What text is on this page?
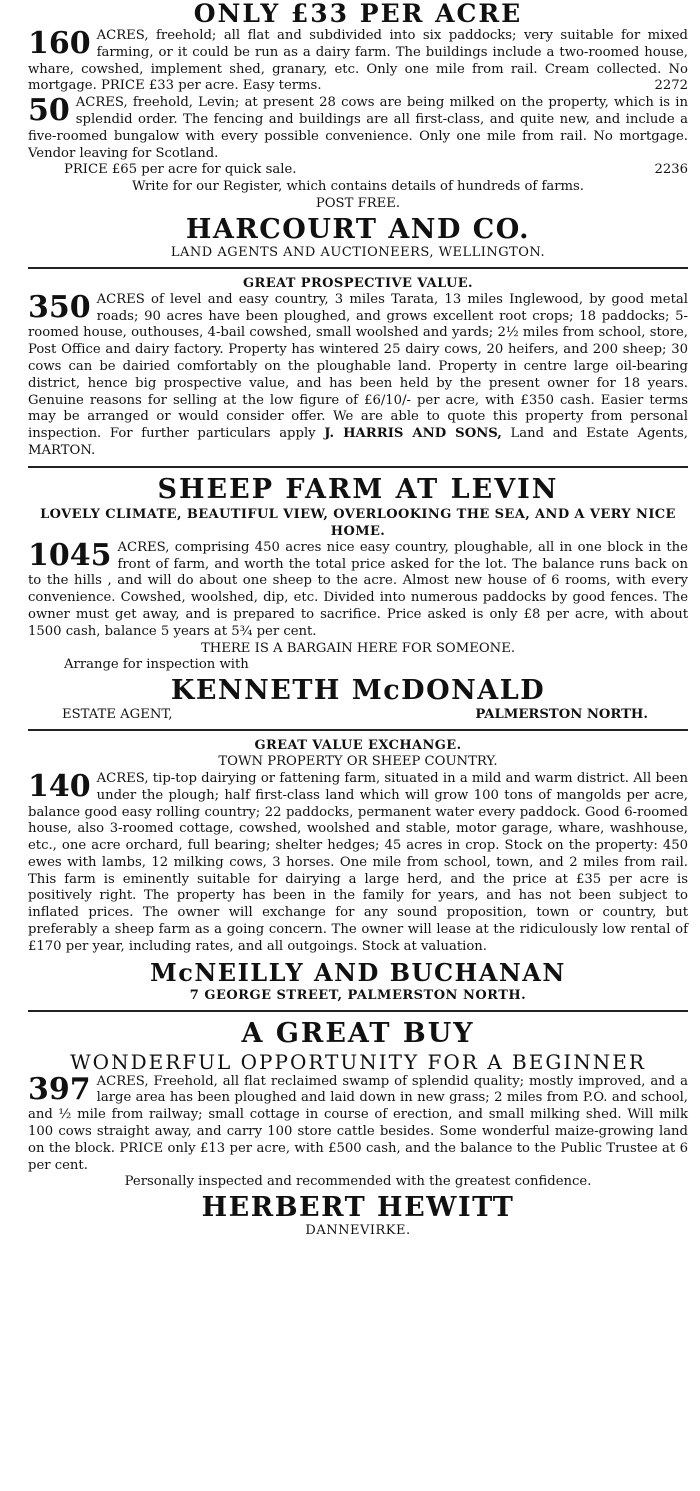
ONLY £33 PER ACRE

160 ACRES, freehold; all flat and subdivided into six paddocks; very suitable for mixed farming, or it could be run as a dairy farm. The buildings include a two-roomed house, whare, cowshed, implement shed, granary, etc. Only one mile from rail. Cream collected. No mortgage. PRICE £33 per acre. Easy terms.	2272

50 ACRES, freehold, Levin; at present 28 cows are being milked on the property, which is in splendid order. The fencing and buildings are all first-class, and quite new, and include a five-roomed bungalow with every possible convenience. Only one mile from rail. No mortgage. Vendor leaving for Scotland.

PRICE £65 per acre for quick sale.	2236
Write for our Register, which contains details of hundreds of farms.
POST FREE.
HARCOURT AND CO.
LAND AGENTS AND AUCTIONEERS, WELLINGTON.
GREAT PROSPECTIVE VALUE.

350 ACRES of level and easy country, 3 miles Tarata, 13 miles Inglewood, by good metal roads; 90 acres have been ploughed, and grows excellent root crops; 18 paddocks; 5-roomed house, outhouses, 4-bail cowshed, small woolshed and yards; 2½ miles from school, store, Post Office and dairy factory. Property has wintered 25 dairy cows, 20 heifers, and 200 sheep; 30 cows can be dairied comfortably on the ploughable land. Property in centre large oil-bearing district, hence big prospective value, and has been held by the present owner for 18 years. Genuine reasons for selling at the low figure of £6/10/- per acre, with £350 cash. Easier terms may be arranged or would consider offer. We are able to quote this property from personal inspection. For further particulars apply J. HARRIS AND SONS, Land and Estate Agents, MARTON.

SHEEP FARM AT LEVIN
LOVELY CLIMATE, BEAUTIFUL VIEW, OVERLOOKING THE SEA, AND A VERY NICE HOME.

1045 ACRES, comprising 450 acres nice easy country, ploughable, all in one block in the front of farm, and worth the total price asked for the lot. The balance runs back on to the hills , and will do about one sheep to the acre. Almost new house of 6 rooms, with every convenience. Cowshed, woolshed, dip, etc. Divided into numerous paddocks by good fences. The owner must get away, and is prepared to sacrifice. Price asked is only £8 per acre, with about 1500 cash, balance 5 years at 5¾ per cent.

THERE IS A BARGAIN HERE FOR SOMEONE.
Arrange for inspection with
KENNETH McDONALD
ESTATE AGENT,	PALMERSTON NORTH.
GREAT VALUE EXCHANGE.
TOWN PROPERTY OR SHEEP COUNTRY.

140 ACRES, tip-top dairying or fattening farm, situated in a mild and warm district. All been under the plough; half first-class land which will grow 100 tons of mangolds per acre, balance good easy rolling country; 22 paddocks, permanent water every paddock. Good 6-roomed house, also 3-roomed cottage, cowshed, woolshed and stable, motor garage, whare, washhouse, etc., one acre orchard, full bearing; shelter hedges; 45 acres in crop. Stock on the property: 450 ewes with lambs, 12 milking cows, 3 horses. One mile from school, town, and 2 miles from rail. This farm is eminently suitable for dairying a large herd, and the price at £35 per acre is positively right. The property has been in the family for years, and has not been subject to inflated prices. The owner will exchange for any sound proposition, town or country, but preferably a sheep farm as a going concern. The owner will lease at the ridiculously low rental of £170 per year, including rates, and all outgoings. Stock at valuation.

McNEILLY AND BUCHANAN
7 GEORGE STREET, PALMERSTON NORTH.
A GREAT BUY
WONDERFUL OPPORTUNITY FOR A BEGINNER

397 ACRES, Freehold, all flat reclaimed swamp of splendid quality; mostly improved, and a large area has been ploughed and laid down in new grass; 2 miles from P.O. and school, and ½ mile from railway; small cottage in course of erection, and small milking shed. Will milk 100 cows straight away, and carry 100 store cattle besides. Some wonderful maize-growing land on the block. PRICE only £13 per acre, with £500 cash, and the balance to the Public Trustee at 6 per cent.

Personally inspected and recommended with the greatest confidence.
HERBERT HEWITT
DANNEVIRKE.
